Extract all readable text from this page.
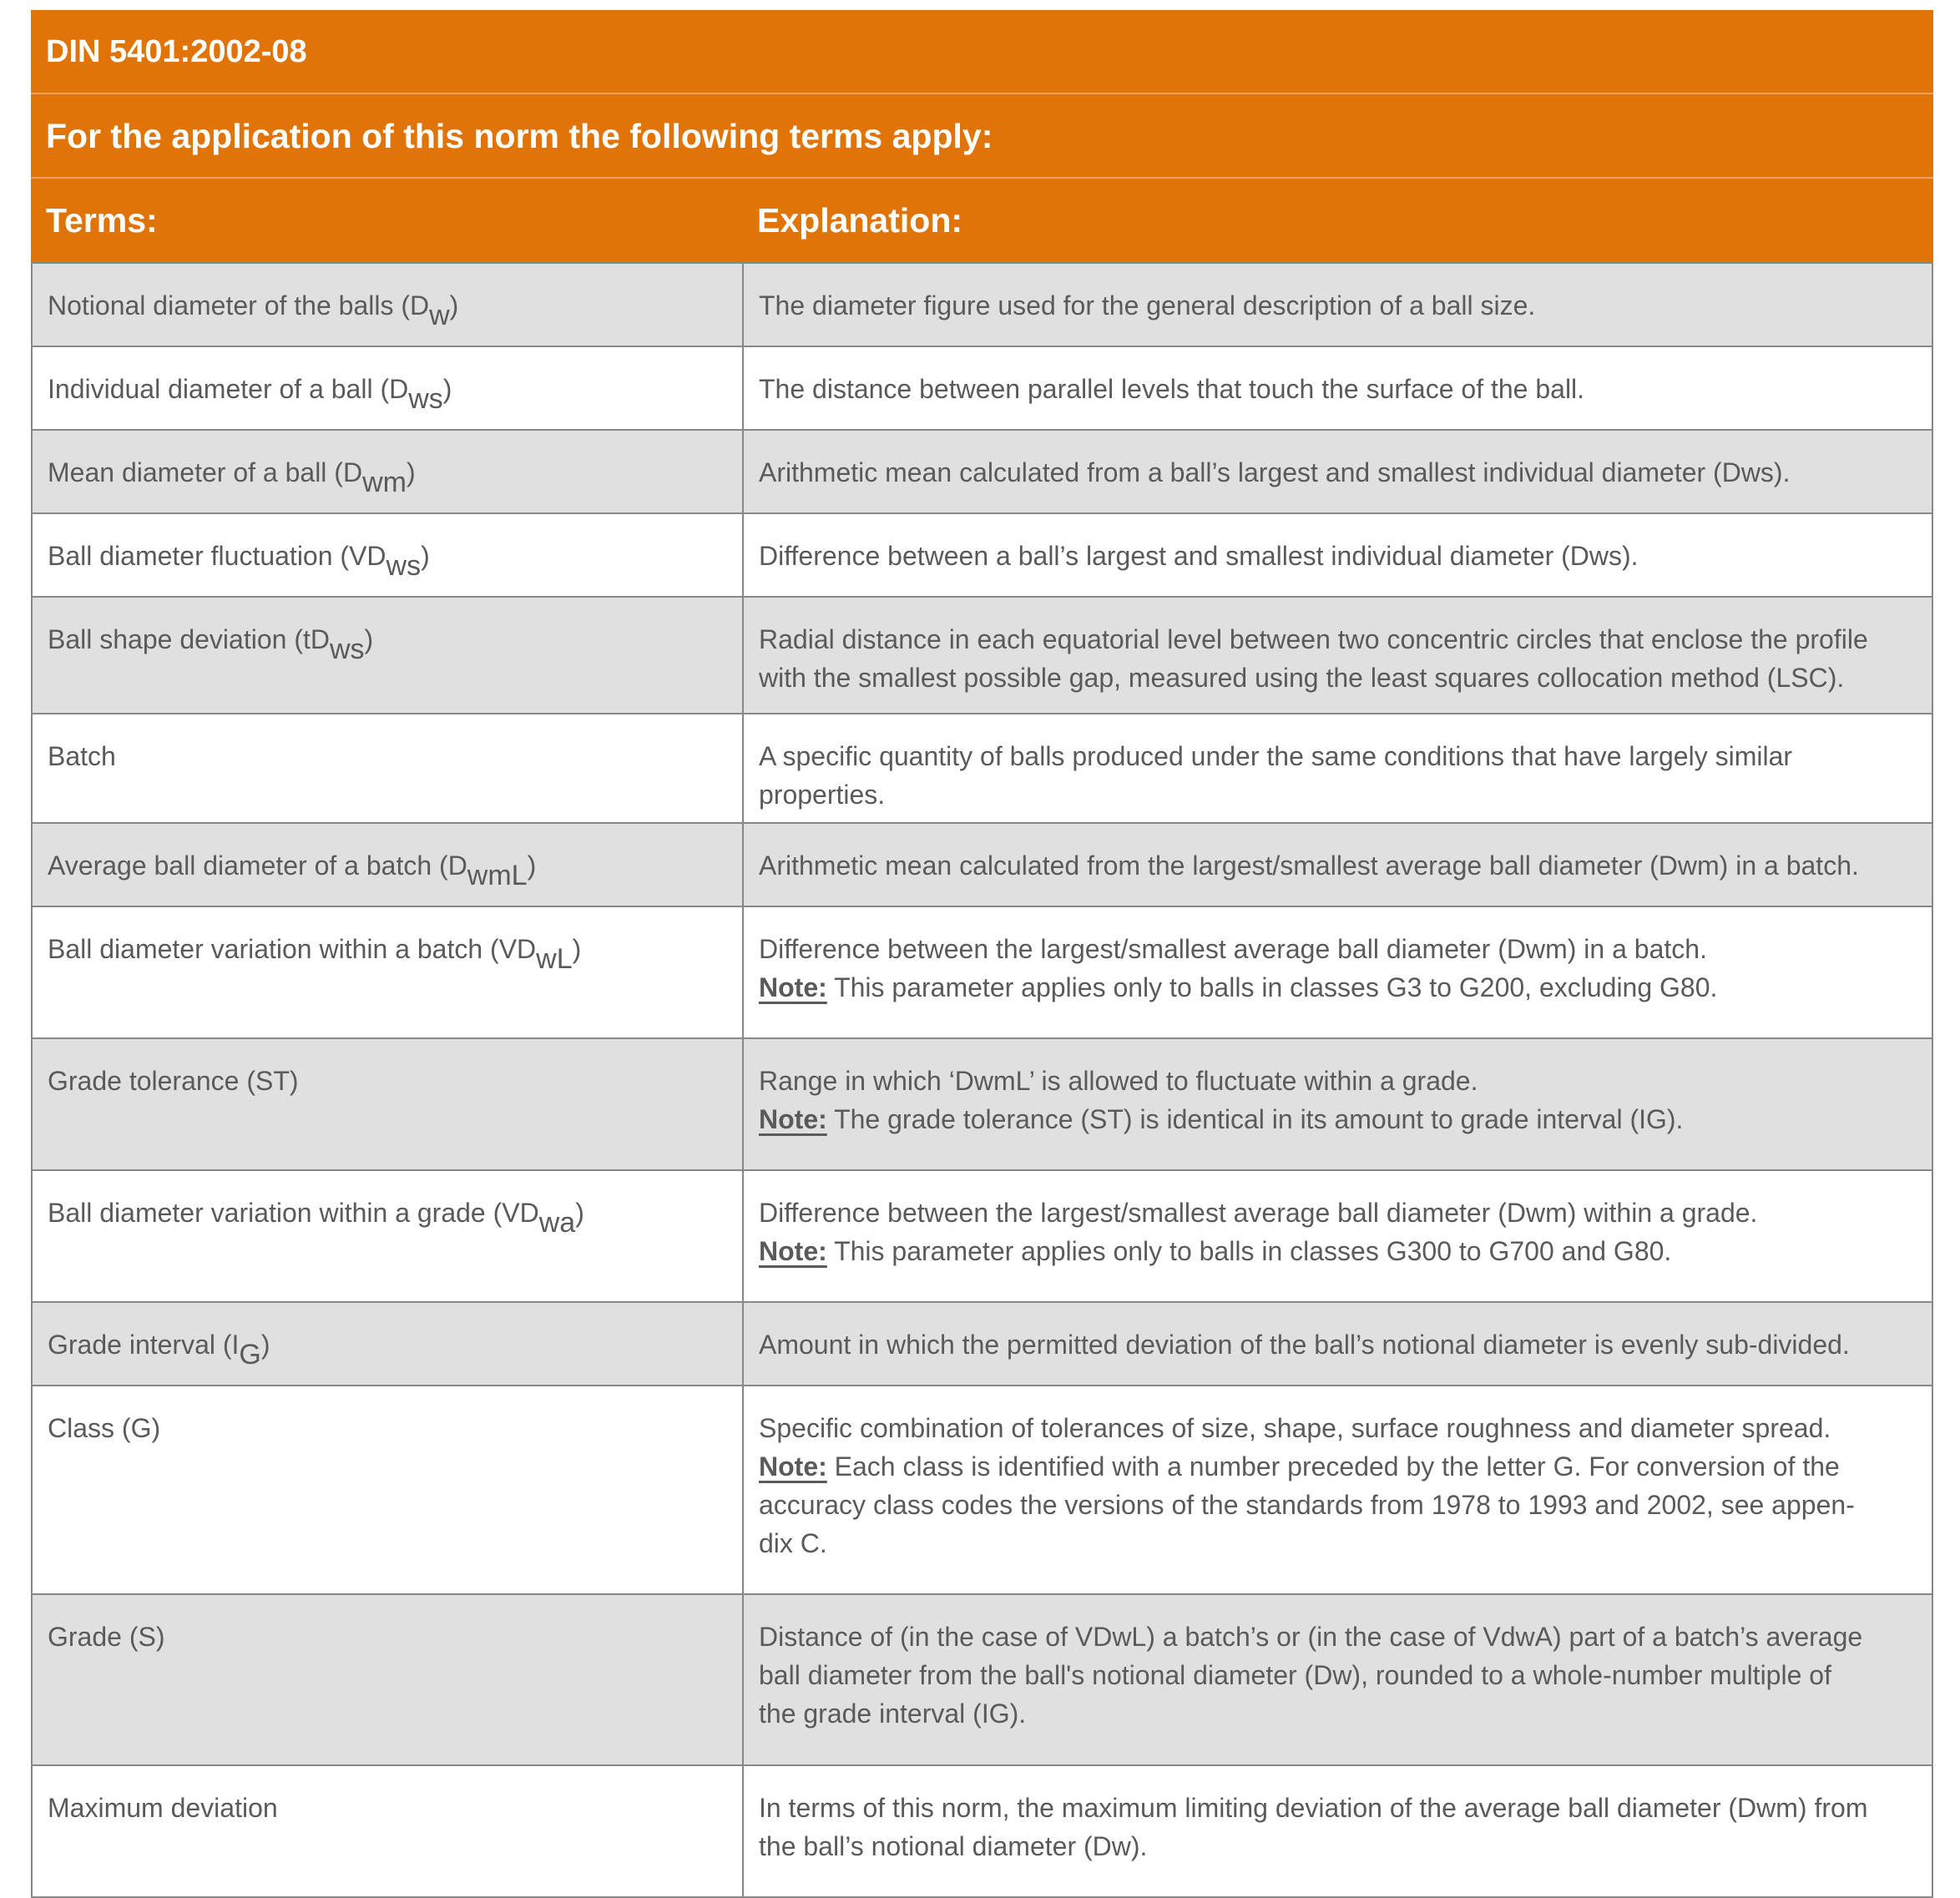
DIN 5401:2002-08
For the application of this norm the following terms apply:
Terms:	Explanation:
Notional diameter of the balls $(D_w)$	The diameter figure used for the general description of a ball size.

Individual diameter of a ball $(D_{ws})$	The distance between parallel levels that touch the surface of the ball.

Mean diameter of a ball $(D_{wm})$	Arithmetic mean calculated from a ball’s largest and smallest individual diameter (Dws).

Ball diameter fluctuation $(VD_{ws})$	Difference between a ball’s largest and smallest individual diameter (Dws).

Ball shape deviation $(tD_{ws})$	Radial distance in each equatorial level between two concentric circles that enclose the profile
with the smallest possible gap, measured using the least squares collocation method (LSC).

Batch	A specific quantity of balls produced under the same conditions that have largely similar
properties.

Average ball diameter of a batch $(D_{wmL})$	Arithmetic mean calculated from the largest/smallest average ball diameter (Dwm) in a batch.

Ball diameter variation within a batch $(VD_{wL})$	Difference between the largest/smallest average ball diameter (Dwm) in a batch.
Note: This parameter applies only to balls in classes G3 to G200, excluding G80.

Grade tolerance (ST)	Range in which ‘DwmL’ is allowed to fluctuate within a grade.
Note: The grade tolerance (ST) is identical in its amount to grade interval (IG).

Ball diameter variation within a grade $(VD_{wa})$	Difference between the largest/smallest average ball diameter (Dwm) within a grade.
Note: This parameter applies only to balls in classes G300 to G700 and G80.

Grade interval $(I_G)$	Amount in which the permitted deviation of the ball’s notional diameter is evenly sub-divided.

Class (G)	Specific combination of tolerances of size, shape, surface roughness and diameter spread.
Note: Each class is identified with a number preceded by the letter G. For conversion of the
accuracy class codes the versions of the standards from 1978 to 1993 and 2002, see appen-
dix C.

Grade (S)	Distance of (in the case of VDwL) a batch’s or (in the case of VdwA) part of a batch’s average
ball diameter from the ball's notional diameter (Dw), rounded to a whole-number multiple of
the grade interval (IG).

Maximum deviation	In terms of this norm, the maximum limiting deviation of the average ball diameter (Dwm) from
the ball’s notional diameter (Dw).
